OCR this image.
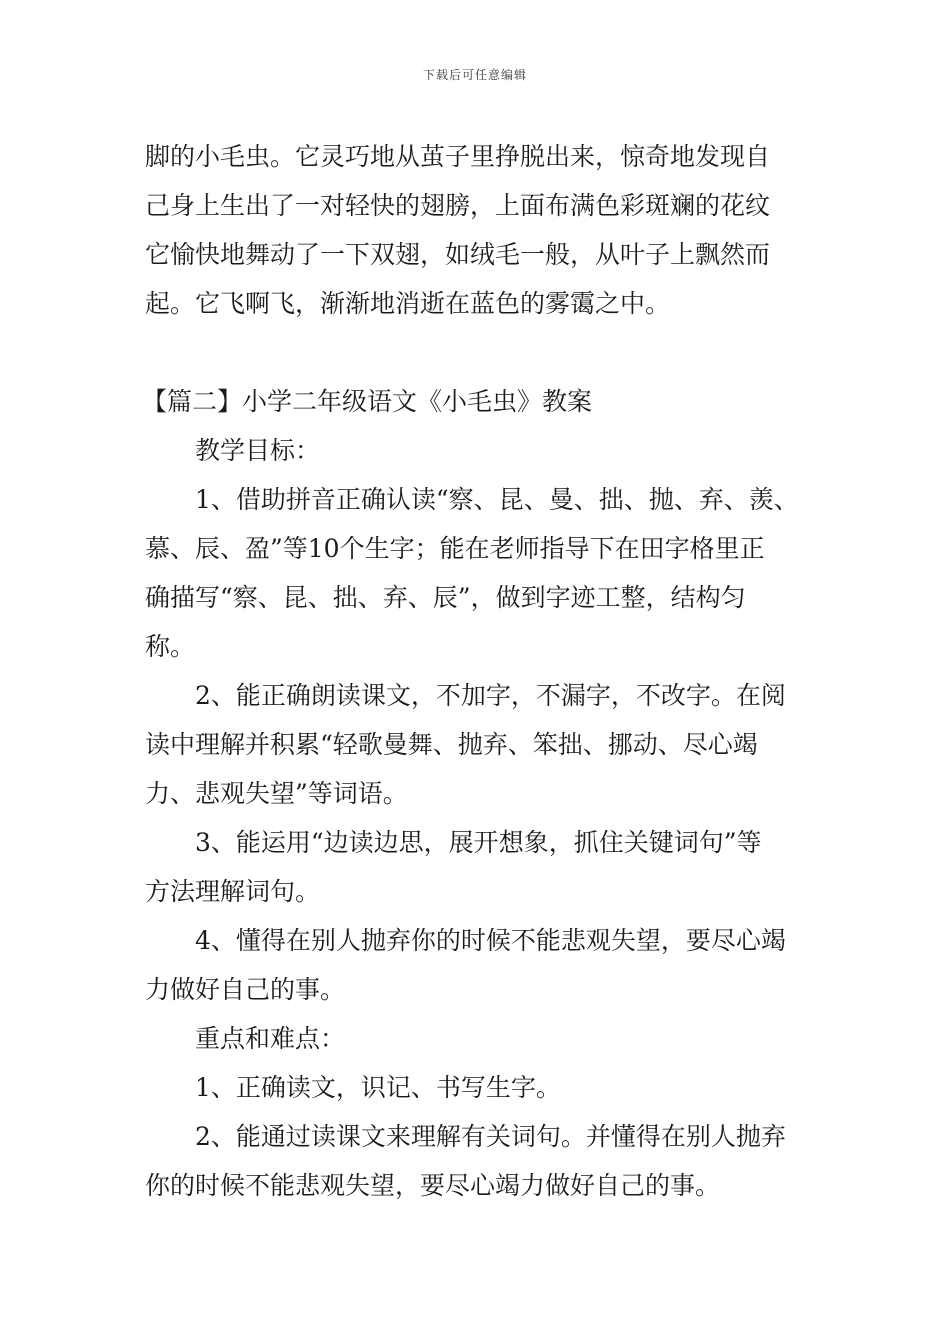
下载后可任意编辑
脚的小毛虫。它灵巧地从茧子里挣脱出来，惊奇地发现自
己身上生出了一对轻快的翅膀，上面布满色彩斑斓的花纹
它愉快地舞动了一下双翅，如绒毛一般，从叶子上飘然而
起。它飞啊飞，渐渐地消逝在蓝色的雾霭之中。
【篇二】小学二年级语文《小毛虫》教案
教学目标：
1、借助拼音正确认读“察、昆、曼、拙、抛、弃、羡、
慕、辰、盈”等10个生字；能在老师指导下在田字格里正
确描写“察、昆、拙、弃、辰”，做到字迹工整，结构匀
称。
2、能正确朗读课文，不加字，不漏字，不改字。在阅
读中理解并积累“轻歌曼舞、抛弃、笨拙、挪动、尽心竭
力、悲观失望”等词语。
3、能运用“边读边思，展开想象，抓住关键词句”等
方法理解词句。
4、懂得在别人抛弃你的时候不能悲观失望，要尽心竭
力做好自己的事。
重点和难点：
1、正确读文，识记、书写生字。
2、能通过读课文来理解有关词句。并懂得在别人抛弃
你的时候不能悲观失望，要尽心竭力做好自己的事。
